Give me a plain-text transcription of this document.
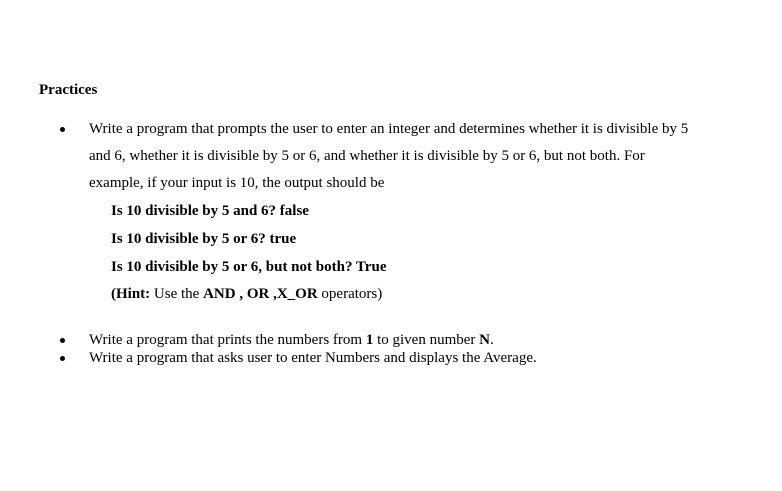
Practices
Write a program that prompts the user to enter an integer and determines whether it is divisible by 5
and 6, whether it is divisible by 5 or 6, and whether it is divisible by 5 or 6, but not both. For
example, if your input is 10, the output should be
Is 10 divisible by 5 and 6? false
Is 10 divisible by 5 or 6? true
Is 10 divisible by 5 or 6, but not both? True
(Hint: Use the AND , OR ,X_OR operators)
Write a program that prints the numbers from 1 to given number N.
Write a program that asks user to enter Numbers and displays the Average.
